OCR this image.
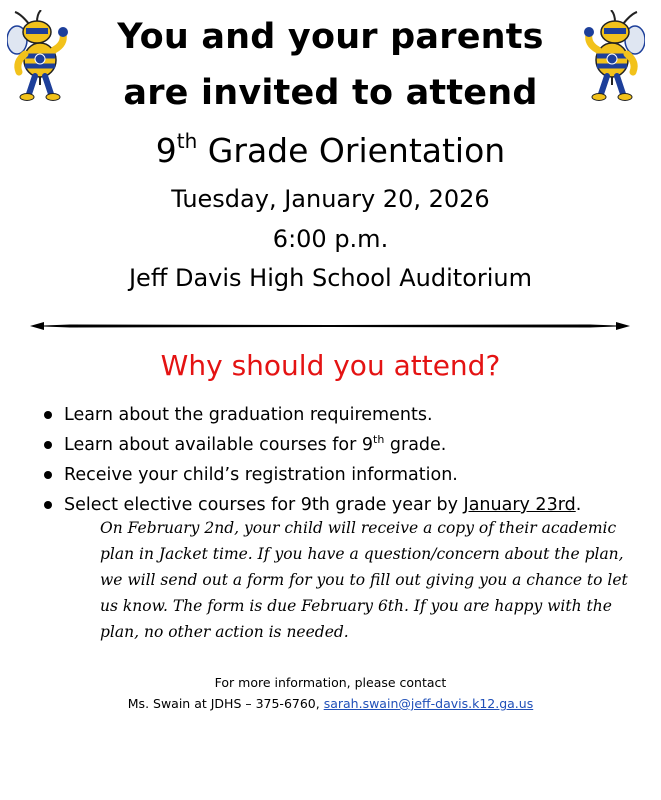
You and your parents
are invited to attend
9th Grade Orientation
Tuesday, January 20, 2026
6:00 p.m.
Jeff Davis High School Auditorium
Why should you attend?
Learn about the graduation requirements.
Learn about available courses for 9th grade.
Receive your child’s registration information.
Select elective courses for 9th grade year by January 23rd.
On February 2nd, your child will receive a copy of their academic plan in Jacket time. If you have a question/concern about the plan, we will send out a form for you to fill out giving you a chance to let us know. The form is due February 6th. If you are happy with the plan, no other action is needed.
For more information, please contact
Ms. Swain at JDHS – 375-6760, sarah.swain@jeff-davis.k12.ga.us
